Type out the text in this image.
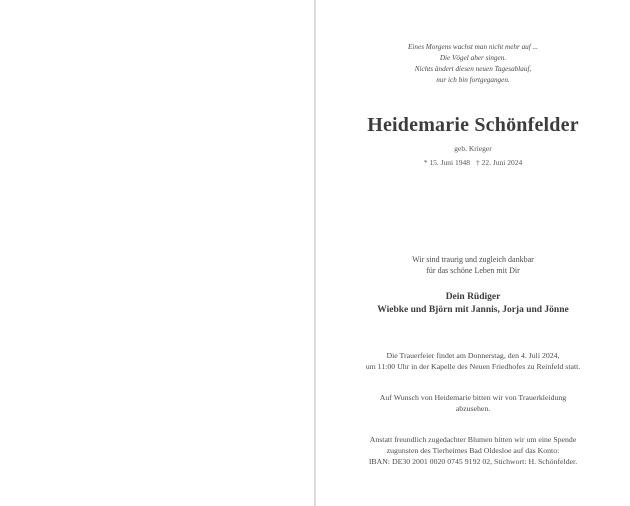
Eines Morgens wachst man nicht mehr auf ...
Die Vögel aber singen.
Nichts ändert diesen neuen Tagesablauf,
nur ich bin fortgegangen.
Heidemarie Schönfelder
geb. Krieger
* 15. Juni 1948 † 22. Juni 2024
Wir sind traurig und zugleich dankbar
für das schöne Leben mit Dir
Dein Rüdiger
Wiebke und Björn mit Jannis, Jorja und Jönne
Die Trauerfeier findet am Donnerstag, den 4. Juli 2024,
um 11:00 Uhr in der Kapelle des Neuen Friedhofes zu Reinfeld statt.
Auf Wunsch von Heidemarie bitten wir von Trauerkleidung
abzusehen.
Anstatt freundlich zugedachter Blumen bitten wir um eine Spende
zugunsten des Tierheimes Bad Oldesloe auf das Konto:
IBAN: DE30 2001 0020 0745 9192 02, Stichwort: H. Schönfelder.
